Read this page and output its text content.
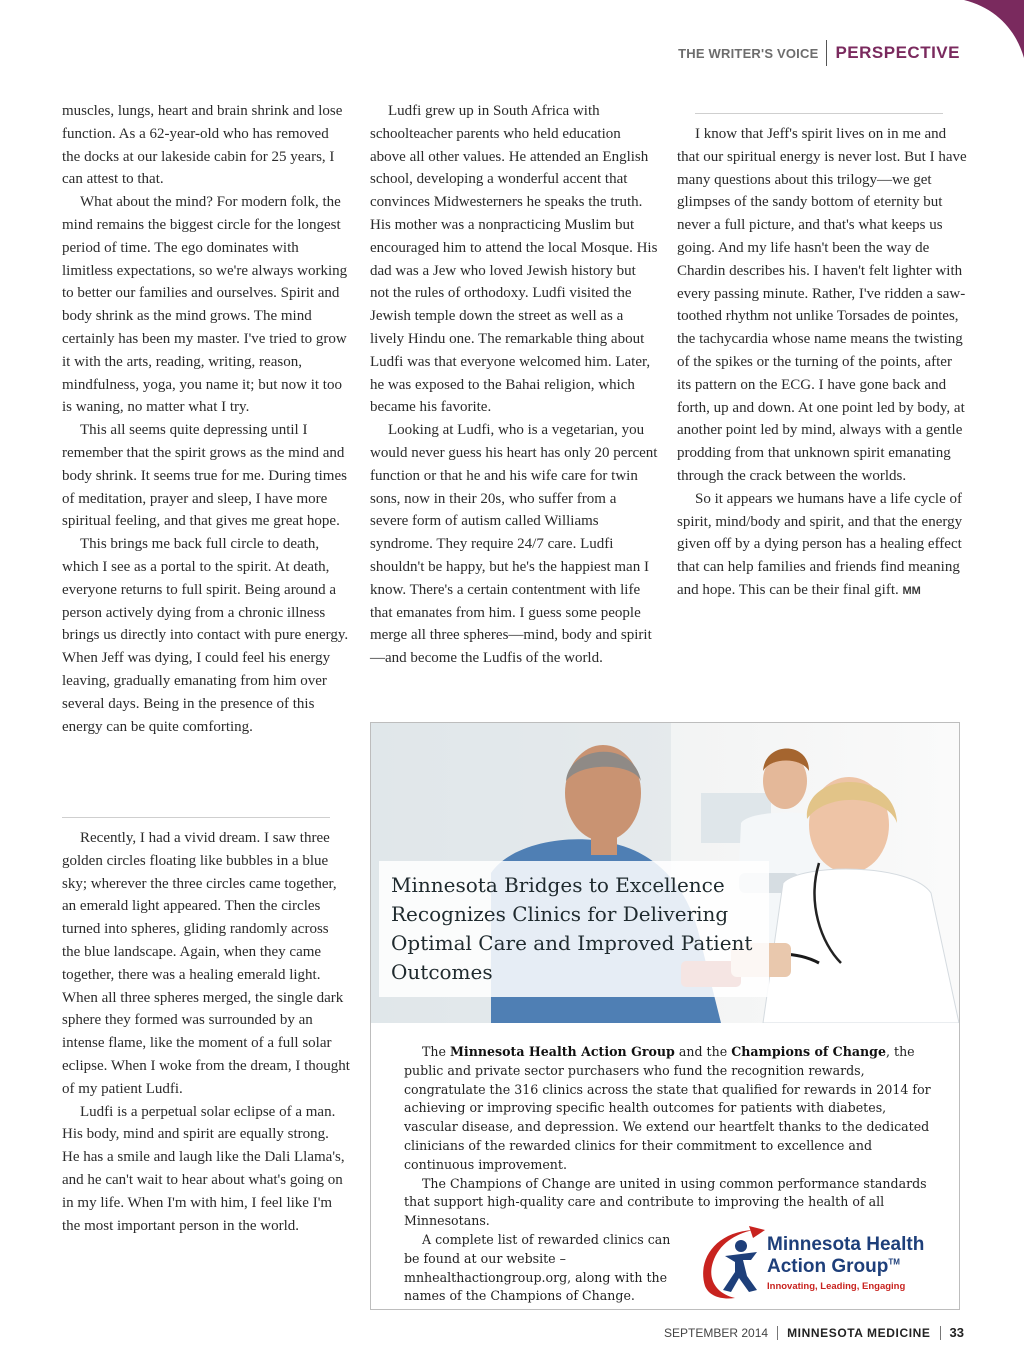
THE WRITER'S VOICE PERSPECTIVE

muscles, lungs, heart and brain shrink and lose function. As a 62-year-old who has removed the docks at our lakeside cabin for 25 years, I can attest to that.

What about the mind? For modern folk, the mind remains the biggest circle for the longest period of time. The ego dominates with limitless expectations, so we're always working to better our families and ourselves. Spirit and body shrink as the mind grows. The mind certainly has been my master. I've tried to grow it with the arts, reading, writing, reason, mindfulness, yoga, you name it; but now it too is waning, no matter what I try.

This all seems quite depressing until I remember that the spirit grows as the mind and body shrink. It seems true for me. During times of meditation, prayer and sleep, I have more spiritual feeling, and that gives me great hope.

This brings me back full circle to death, which I see as a portal to the spirit. At death, everyone returns to full spirit. Being around a person actively dying from a chronic illness brings us directly into contact with pure energy. When Jeff was dying, I could feel his energy leaving, gradually emanating from him over several days. Being in the presence of this energy can be quite comforting.

Recently, I had a vivid dream. I saw three golden circles floating like bubbles in a blue sky; wherever the three circles came together, an emerald light appeared. Then the circles turned into spheres, gliding randomly across the blue landscape. Again, when they came together, there was a healing emerald light. When all three spheres merged, the single dark sphere they formed was surrounded by an intense flame, like the moment of a full solar eclipse. When I woke from the dream, I thought of my patient Ludfi.

Ludfi is a perpetual solar eclipse of a man. His body, mind and spirit are equally strong. He has a smile and laugh like the Dali Llama's, and he can't wait to hear about what's going on in my life. When I'm with him, I feel like I'm the most important person in the world.

Ludfi grew up in South Africa with schoolteacher parents who held education above all other values. He attended an English school, developing a wonderful accent that convinces Midwesterners he speaks the truth. His mother was a nonpracticing Muslim but encouraged him to attend the local Mosque. His dad was a Jew who loved Jewish history but not the rules of orthodoxy. Ludfi visited the Jewish temple down the street as well as a lively Hindu one. The remarkable thing about Ludfi was that everyone welcomed him. Later, he was exposed to the Bahai religion, which became his favorite.

Looking at Ludfi, who is a vegetarian, you would never guess his heart has only 20 percent function or that he and his wife care for twin sons, now in their 20s, who suffer from a severe form of autism called Williams syndrome. They require 24/7 care. Ludfi shouldn't be happy, but he's the happiest man I know. There's a certain contentment with life that emanates from him. I guess some people merge all three spheres—mind, body and spirit—and become the Ludfis of the world.

I know that Jeff's spirit lives on in me and that our spiritual energy is never lost. But I have many questions about this trilogy—we get glimpses of the sandy bottom of eternity but never a full picture, and that's what keeps us going. And my life hasn't been the way de Chardin describes his. I haven't felt lighter with every passing minute. Rather, I've ridden a saw-toothed rhythm not unlike Torsades de pointes, the tachycardia whose name means the twisting of the spikes or the turning of the points, after its pattern on the ECG. I have gone back and forth, up and down. At one point led by body, at another point led by mind, always with a gentle prodding from that unknown spirit emanating through the crack between the worlds.

So it appears we humans have a life cycle of spirit, mind/body and spirit, and that the energy given off by a dying person has a healing effect that can help families and friends find meaning and hope. This can be their final gift. MM

Minnesota Bridges to Excellence Recognizes Clinics for Delivering Optimal Care and Improved Patient Outcomes

The Minnesota Health Action Group and the Champions of Change, the public and private sector purchasers who fund the recognition rewards, congratulate the 316 clinics across the state that qualified for rewards in 2014 for achieving or improving specific health outcomes for patients with diabetes, vascular disease, and depression. We extend our heartfelt thanks to the dedicated clinicians of the rewarded clinics for their commitment to excellence and continuous improvement.

The Champions of Change are united in using common performance standards that support high-quality care and contribute to improving the health of all Minnesotans.

A complete list of rewarded clinics can be found at our website – mnhealthactiongroup.org, along with the names of the Champions of Change.

Minnesota Health
Action Group™
Innovating, Leading, Engaging
SEPTEMBER 2014 MINNESOTA MEDICINE 33
